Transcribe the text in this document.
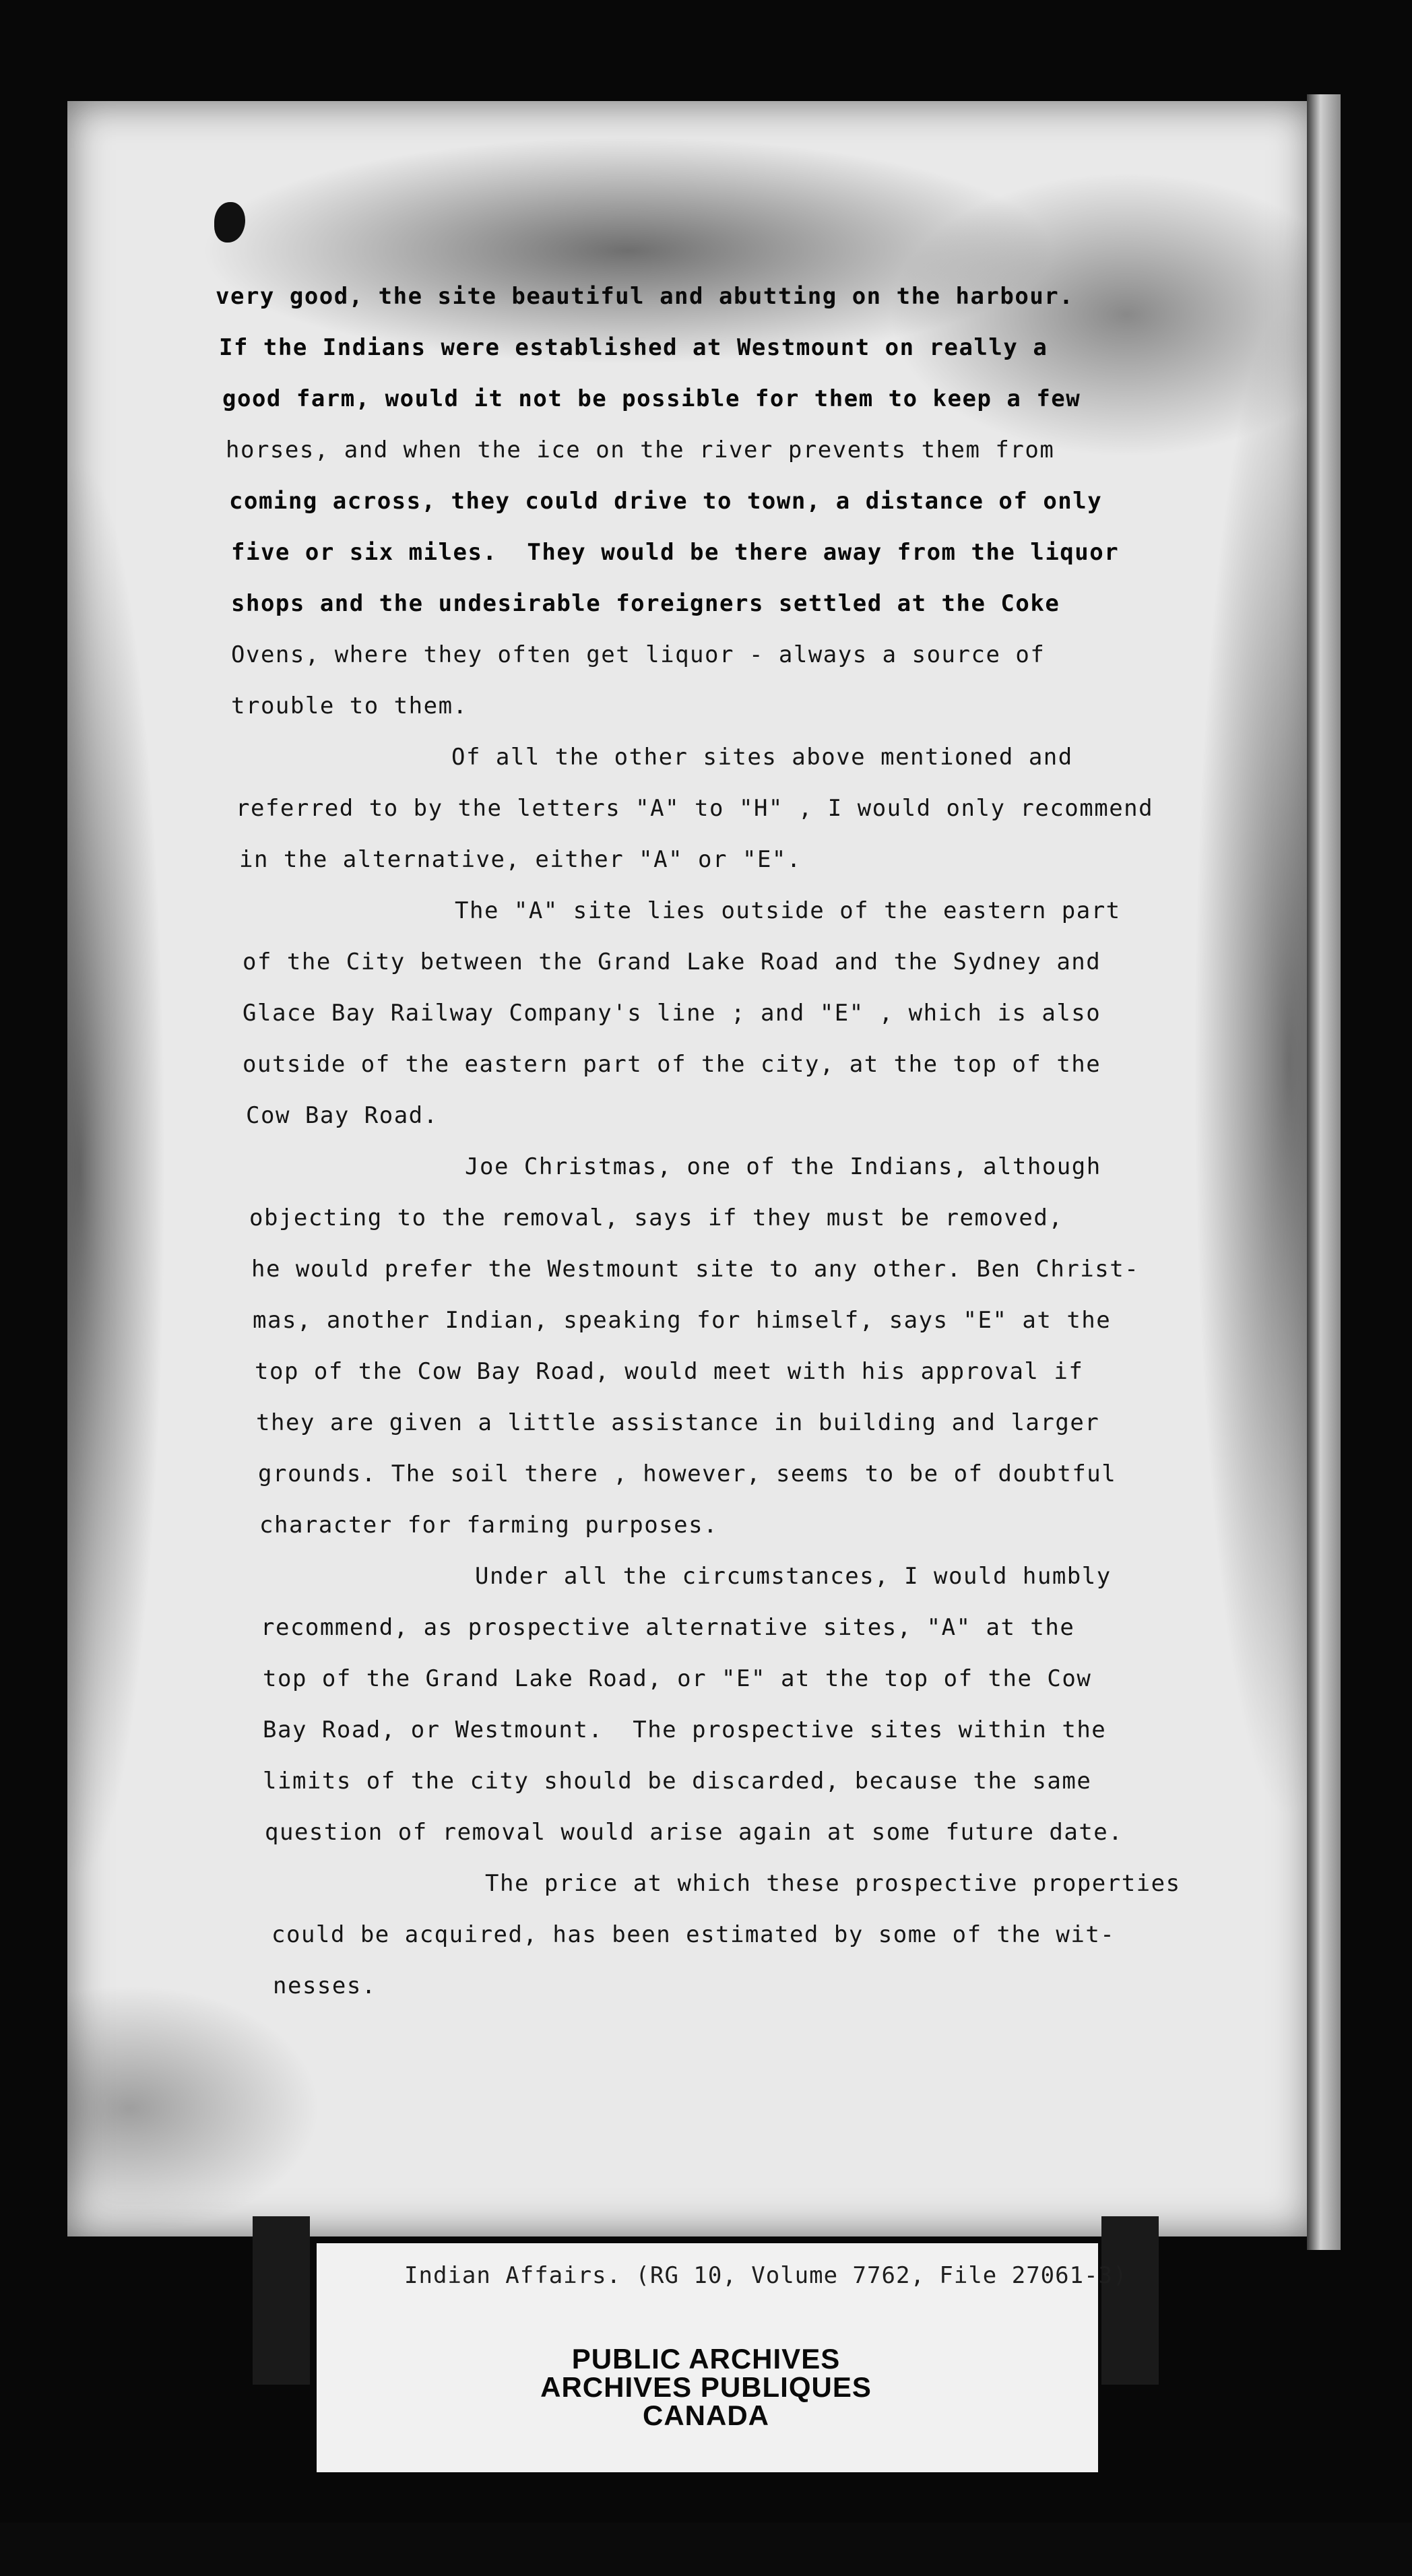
very good, the site beautiful and abutting on the harbour.
If the Indians were established at Westmount on really a
good farm, would it not be possible for them to keep a few
horses, and when the ice on the river prevents them from
coming across, they could drive to town, a distance of only
five or six miles.  They would be there away from the liquor
shops and the undesirable foreigners settled at the Coke
Ovens, where they often get liquor - always a source of
trouble to them.
Of all the other sites above mentioned and
referred to by the letters "A" to "H" , I would only recommend
in the alternative, either "A" or "E".
The "A" site lies outside of the eastern part
of the City between the Grand Lake Road and the Sydney and
Glace Bay Railway Company's line ; and "E" , which is also
outside of the eastern part of the city, at the top of the
Cow Bay Road.
Joe Christmas, one of the Indians, although
objecting to the removal, says if they must be removed,
he would prefer the Westmount site to any other. Ben Christ-
mas, another Indian, speaking for himself, says "E" at the
top of the Cow Bay Road, would meet with his approval if
they are given a little assistance in building and larger
grounds. The soil there , however, seems to be of doubtful
character for farming purposes.
Under all the circumstances, I would humbly
recommend, as prospective alternative sites, "A" at the
top of the Grand Lake Road, or "E" at the top of the Cow
Bay Road, or Westmount.  The prospective sites within the
limits of the city should be discarded, because the same
question of removal would arise again at some future date.
The price at which these prospective properties
could be acquired, has been estimated by some of the wit-
nesses.
Indian Affairs. (RG 10, Volume 7762, File 27061-3)
PUBLIC ARCHIVES
ARCHIVES PUBLIQUES
CANADA
